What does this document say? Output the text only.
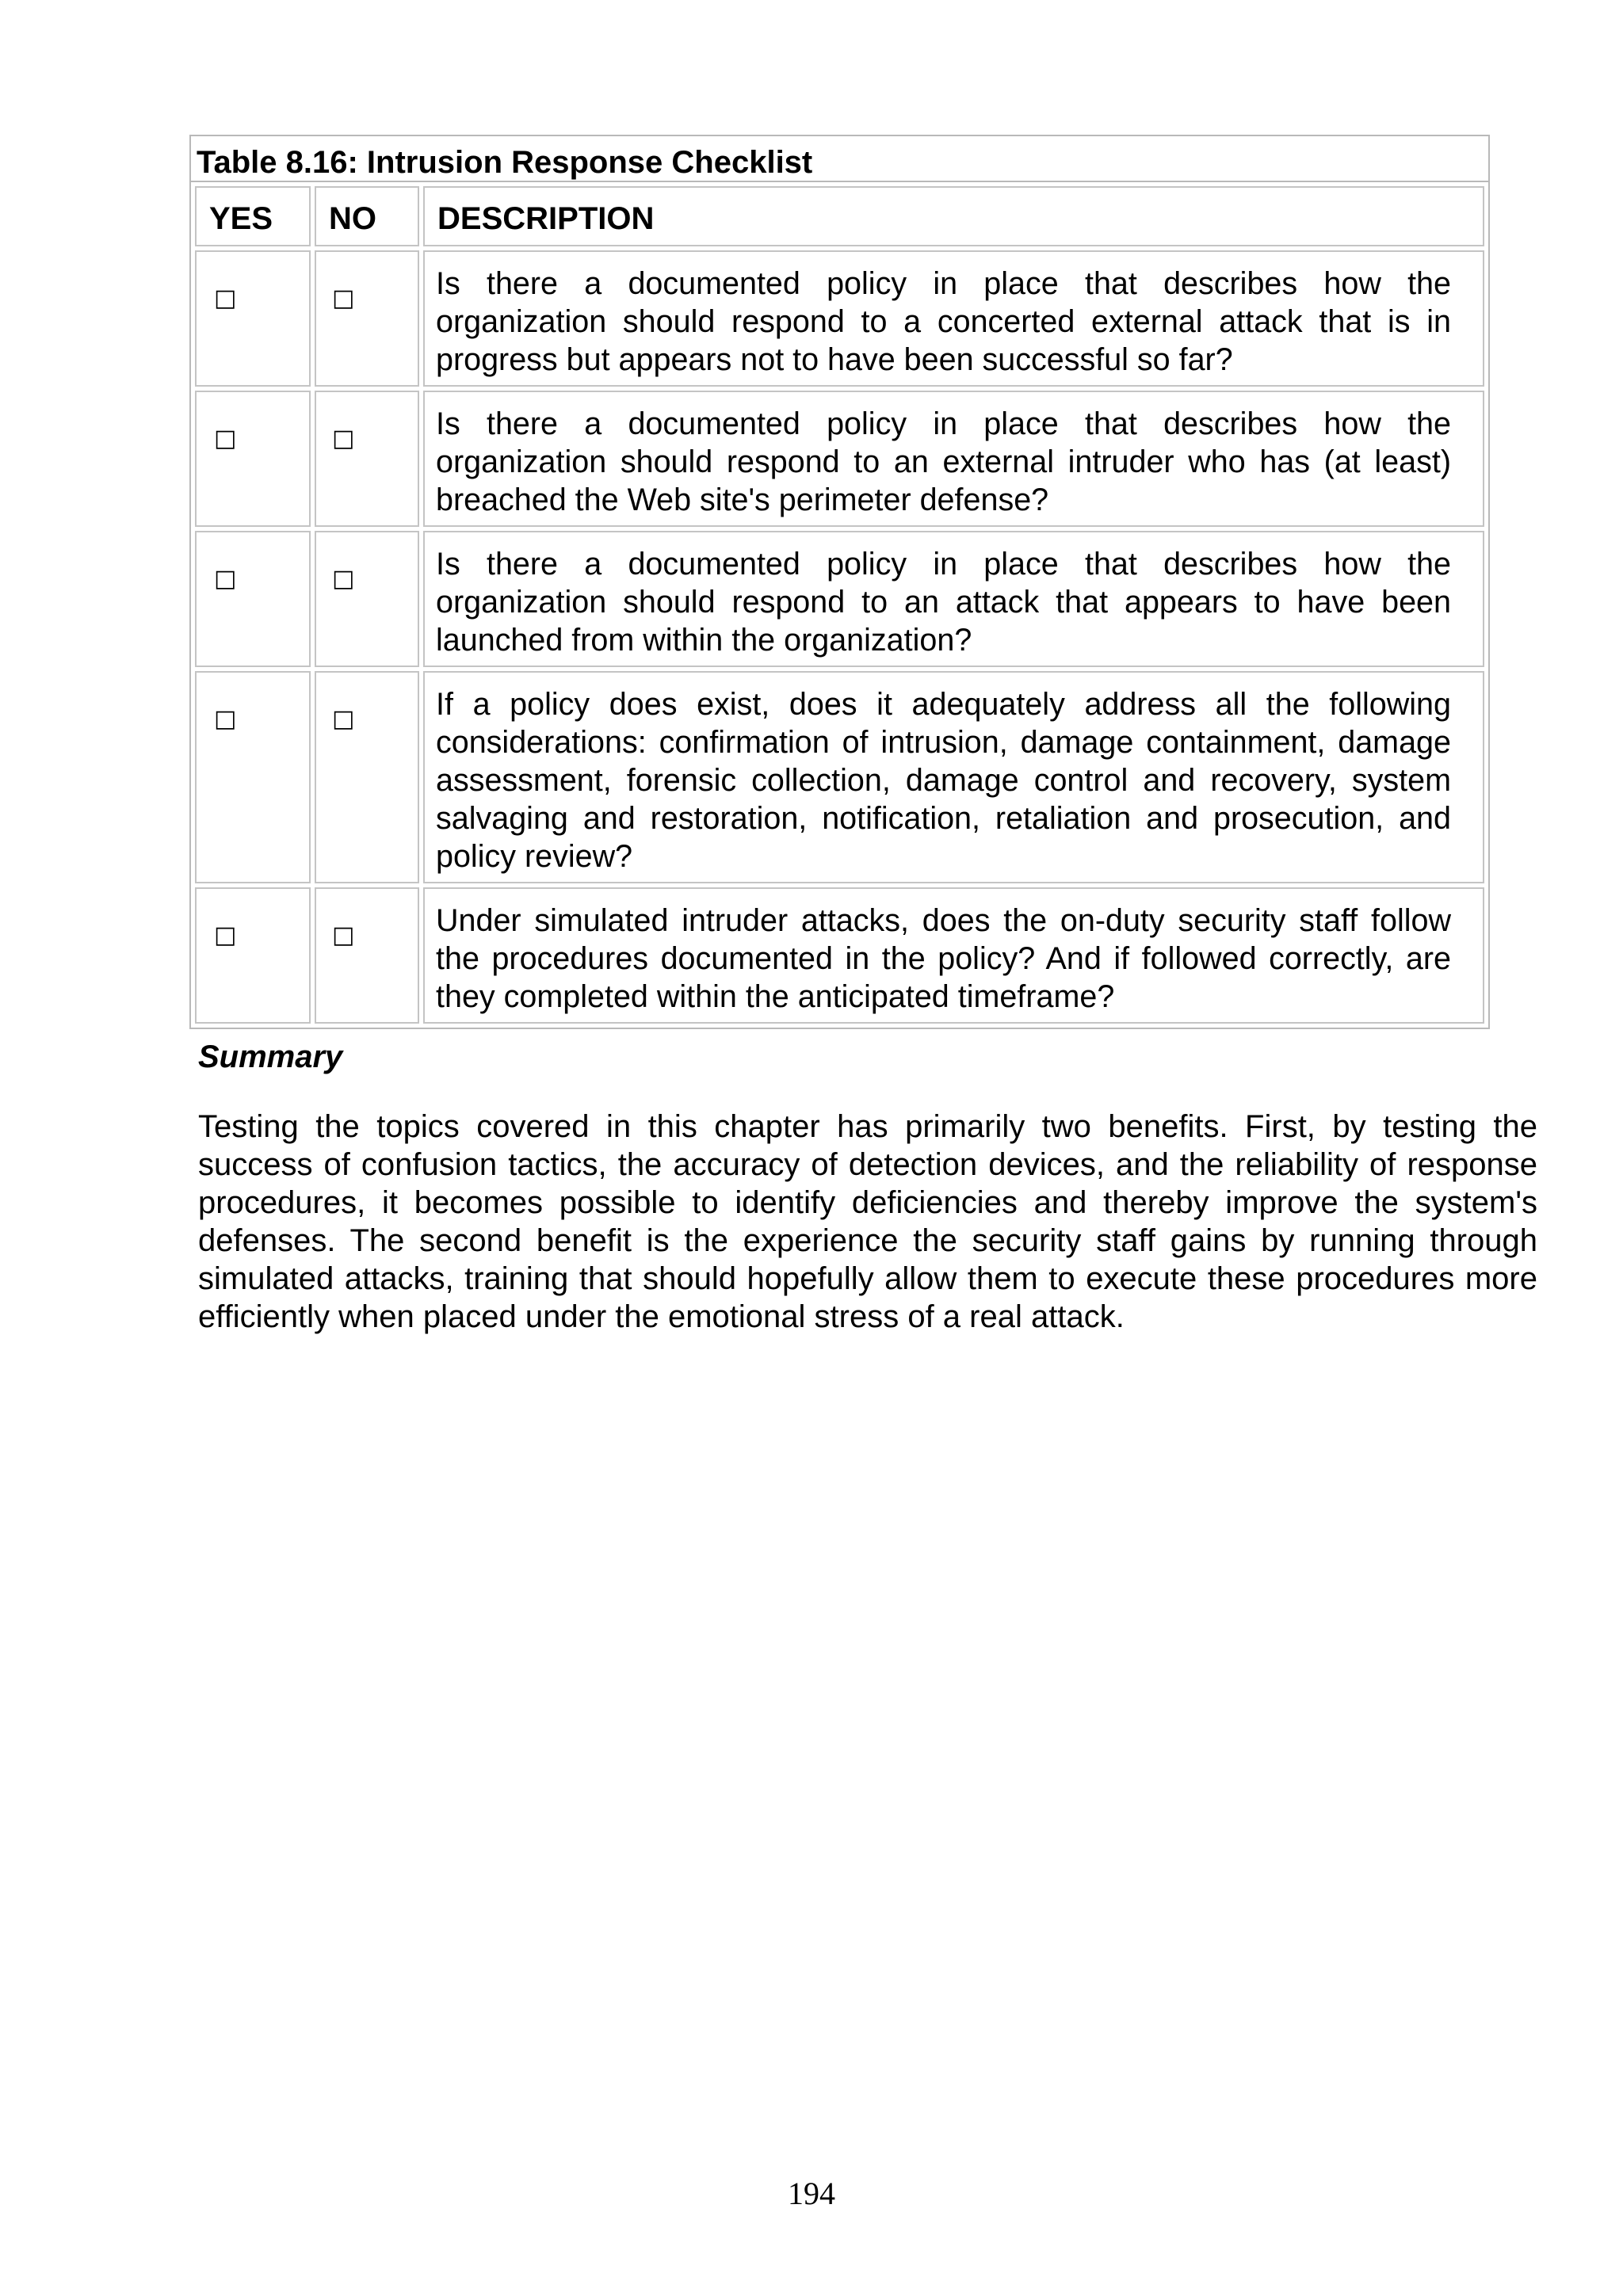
Table 8.16: Intrusion Response Checklist
YES	NO	DESCRIPTION
□	□	Is there a documented policy in place that describes how the organization should respond to a concerted external attack that is in progress but appears not to have been successful so far?
□	□	Is there a documented policy in place that describes how the organization should respond to an external intruder who has (at least) breached the Web site's perimeter defense?
□	□	Is there a documented policy in place that describes how the organization should respond to an attack that appears to have been launched from within the organization?
□	□	If a policy does exist, does it adequately address all the following considerations: confirmation of intrusion, damage containment, damage assessment, forensic collection, damage control and recovery, system salvaging and restoration, notification, retaliation and prosecution, and policy review?
□	□	Under simulated intruder attacks, does the on-duty security staff follow the procedures documented in the policy? And if followed correctly, are they completed within the anticipated timeframe?
Summary

Testing the topics covered in this chapter has primarily two benefits. First, by testing the success of confusion tactics, the accuracy of detection devices, and the reliability of response procedures, it becomes possible to identify deficiencies and thereby improve the system's defenses. The second benefit is the experience the security staff gains by running through simulated attacks, training that should hopefully allow them to execute these procedures more efficiently when placed under the emotional stress of a real attack.

194
